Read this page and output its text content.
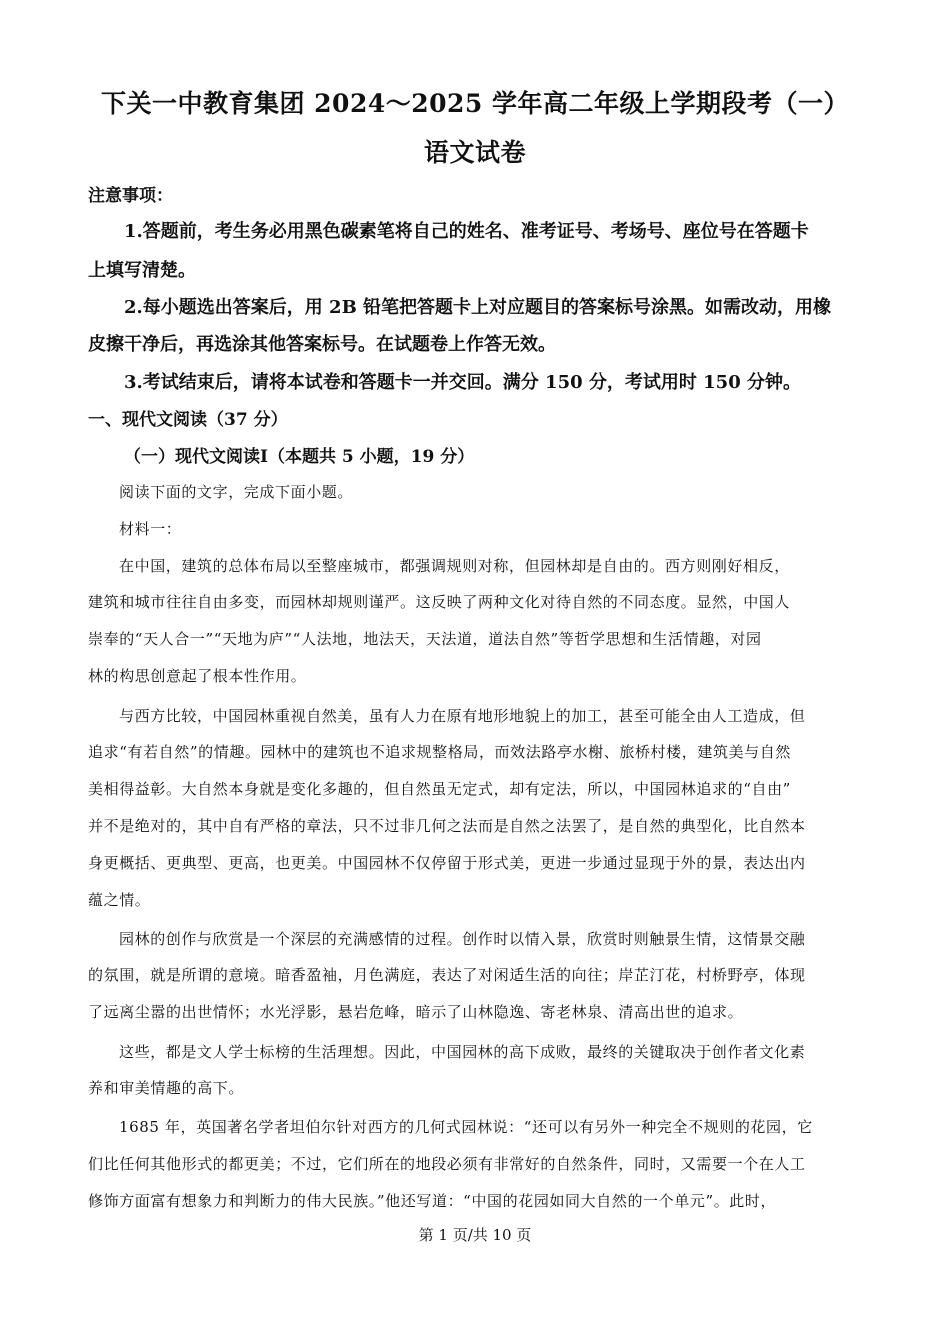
下关一中教育集团 2024～2025 学年高二年级上学期段考（一）
语文试卷
注意事项：
1.答题前，考生务必用黑色碳素笔将自己的姓名、准考证号、考场号、座位号在答题卡
上填写清楚。
2.每小题选出答案后，用 2B 铅笔把答题卡上对应题目的答案标号涂黑。如需改动，用橡
皮擦干净后，再选涂其他答案标号。在试题卷上作答无效。
3.考试结束后，请将本试卷和答题卡一并交回。满分 150 分，考试用时 150 分钟。
一、现代文阅读（37 分）
（一）现代文阅读Ⅰ（本题共 5 小题，19 分）
阅读下面的文字，完成下面小题。
材料一：
在中国，建筑的总体布局以至整座城市，都强调规则对称，但园林却是自由的。西方则刚好相反，
建筑和城市往往自由多变，而园林却规则谨严。这反映了两种文化对待自然的不同态度。显然，中国人
崇奉的“天人合一”“天地为庐”“人法地，地法天，天法道，道法自然”等哲学思想和生活情趣，对园
林的构思创意起了根本性作用。
与西方比较，中国园林重视自然美，虽有人力在原有地形地貌上的加工，甚至可能全由人工造成，但
追求“有若自然”的情趣。园林中的建筑也不追求规整格局，而效法路亭水榭、旅桥村楼，建筑美与自然
美相得益彰。大自然本身就是变化多趣的，但自然虽无定式，却有定法，所以，中国园林追求的“自由”
并不是绝对的，其中自有严格的章法，只不过非几何之法而是自然之法罢了，是自然的典型化，比自然本
身更概括、更典型、更高，也更美。中国园林不仅停留于形式美，更进一步通过显现于外的景，表达出内
蕴之情。
园林的创作与欣赏是一个深层的充满感情的过程。创作时以情入景，欣赏时则触景生情，这情景交融
的氛围，就是所谓的意境。暗香盈袖，月色满庭，表达了对闲适生活的向往；岸芷汀花，村桥野亭，体现
了远离尘嚣的出世情怀；水光浮影，悬岩危峰，暗示了山林隐逸、寄老林泉、清高出世的追求。
这些，都是文人学士标榜的生活理想。因此，中国园林的高下成败，最终的关键取决于创作者文化素
养和审美情趣的高下。
1685 年，英国著名学者坦伯尔针对西方的几何式园林说：“还可以有另外一种完全不规则的花园，它
们比任何其他形式的都更美；不过，它们所在的地段必须有非常好的自然条件，同时，又需要一个在人工
修饰方面富有想象力和判断力的伟大民族。”他还写道：“中国的花园如同大自然的一个单元”。此时，
第 1 页/共 10 页
